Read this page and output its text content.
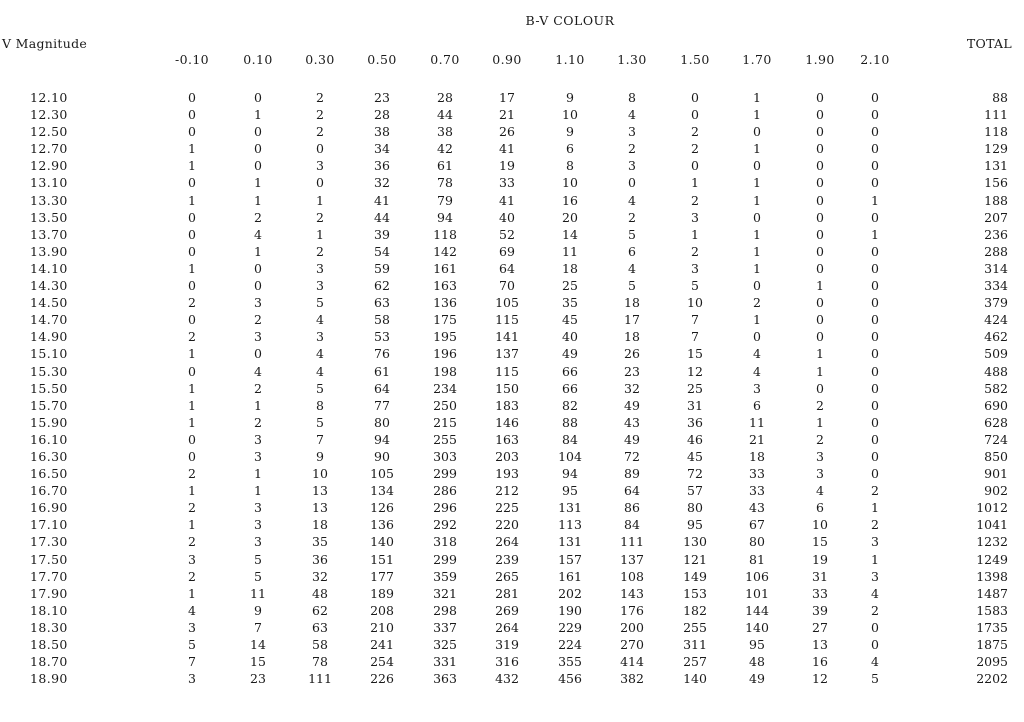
B-V COLOUR
V Magnitude	TOTAL
-0.10	0.10	0.30	0.50	0.70	0.90	1.10	1.30	1.50	1.70	1.90	2.10
12.10	0	0	2	23	28	17	9	8	0	1	0	0	88
12.30	0	1	2	28	44	21	10	4	0	1	0	0	111
12.50	0	0	2	38	38	26	9	3	2	0	0	0	118
12.70	1	0	0	34	42	41	6	2	2	1	0	0	129
12.90	1	0	3	36	61	19	8	3	0	0	0	0	131
13.10	0	1	0	32	78	33	10	0	1	1	0	0	156
13.30	1	1	1	41	79	41	16	4	2	1	0	1	188
13.50	0	2	2	44	94	40	20	2	3	0	0	0	207
13.70	0	4	1	39	118	52	14	5	1	1	0	1	236
13.90	0	1	2	54	142	69	11	6	2	1	0	0	288
14.10	1	0	3	59	161	64	18	4	3	1	0	0	314
14.30	0	0	3	62	163	70	25	5	5	0	1	0	334
14.50	2	3	5	63	136	105	35	18	10	2	0	0	379
14.70	0	2	4	58	175	115	45	17	7	1	0	0	424
14.90	2	3	3	53	195	141	40	18	7	0	0	0	462
15.10	1	0	4	76	196	137	49	26	15	4	1	0	509
15.30	0	4	4	61	198	115	66	23	12	4	1	0	488
15.50	1	2	5	64	234	150	66	32	25	3	0	0	582
15.70	1	1	8	77	250	183	82	49	31	6	2	0	690
15.90	1	2	5	80	215	146	88	43	36	11	1	0	628
16.10	0	3	7	94	255	163	84	49	46	21	2	0	724
16.30	0	3	9	90	303	203	104	72	45	18	3	0	850
16.50	2	1	10	105	299	193	94	89	72	33	3	0	901
16.70	1	1	13	134	286	212	95	64	57	33	4	2	902
16.90	2	3	13	126	296	225	131	86	80	43	6	1	1012
17.10	1	3	18	136	292	220	113	84	95	67	10	2	1041
17.30	2	3	35	140	318	264	131	111	130	80	15	3	1232
17.50	3	5	36	151	299	239	157	137	121	81	19	1	1249
17.70	2	5	32	177	359	265	161	108	149	106	31	3	1398
17.90	1	11	48	189	321	281	202	143	153	101	33	4	1487
18.10	4	9	62	208	298	269	190	176	182	144	39	2	1583
18.30	3	7	63	210	337	264	229	200	255	140	27	0	1735
18.50	5	14	58	241	325	319	224	270	311	95	13	0	1875
18.70	7	15	78	254	331	316	355	414	257	48	16	4	2095
18.90	3	23	111	226	363	432	456	382	140	49	12	5	2202
